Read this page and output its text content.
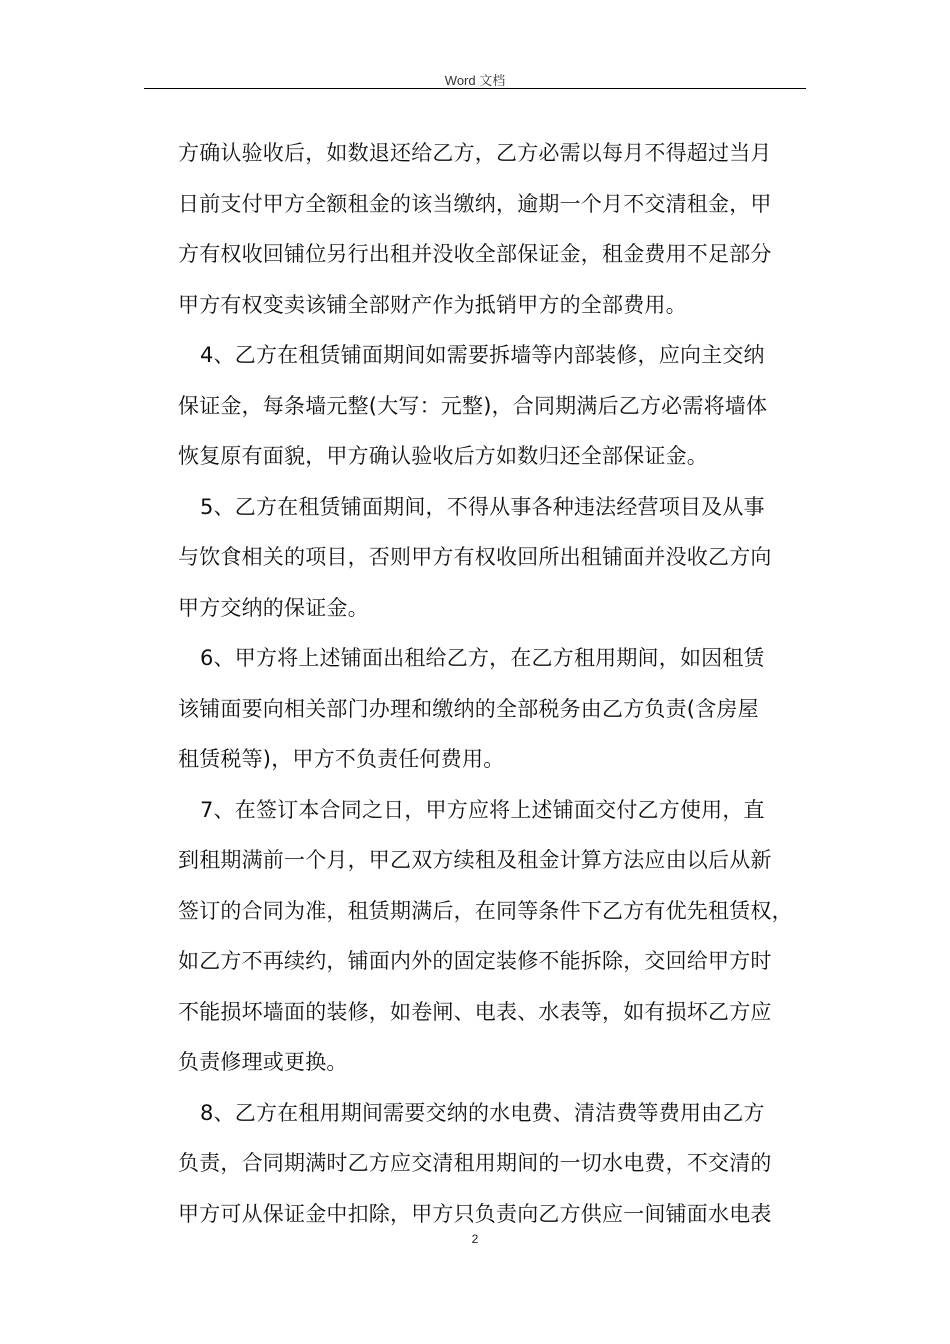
Word 文档
方确认验收后，如数退还给乙方，乙方必需以每月不得超过当月
日前支付甲方全额租金的该当缴纳，逾期一个月不交清租金，甲
方有权收回铺位另行出租并没收全部保证金，租金费用不足部分
甲方有权变卖该铺全部财产作为抵销甲方的全部费用。
4、乙方在租赁铺面期间如需要拆墙等内部装修，应向主交纳
保证金，每条墙元整(大写：元整)，合同期满后乙方必需将墙体
恢复原有面貌，甲方确认验收后方如数归还全部保证金。
5、乙方在租赁铺面期间，不得从事各种违法经营项目及从事
与饮食相关的项目，否则甲方有权收回所出租铺面并没收乙方向
甲方交纳的保证金。
6、甲方将上述铺面出租给乙方，在乙方租用期间，如因租赁
该铺面要向相关部门办理和缴纳的全部税务由乙方负责(含房屋
租赁税等)，甲方不负责任何费用。
7、在签订本合同之日，甲方应将上述铺面交付乙方使用，直
到租期满前一个月，甲乙双方续租及租金计算方法应由以后从新
签订的合同为准，租赁期满后，在同等条件下乙方有优先租赁权，
如乙方不再续约，铺面内外的固定装修不能拆除，交回给甲方时
不能损坏墙面的装修，如卷闸、电表、水表等，如有损坏乙方应
负责修理或更换。
8、乙方在租用期间需要交纳的水电费、清洁费等费用由乙方
负责，合同期满时乙方应交清租用期间的一切水电费，不交清的
甲方可从保证金中扣除，甲方只负责向乙方供应一间铺面水电表
2
